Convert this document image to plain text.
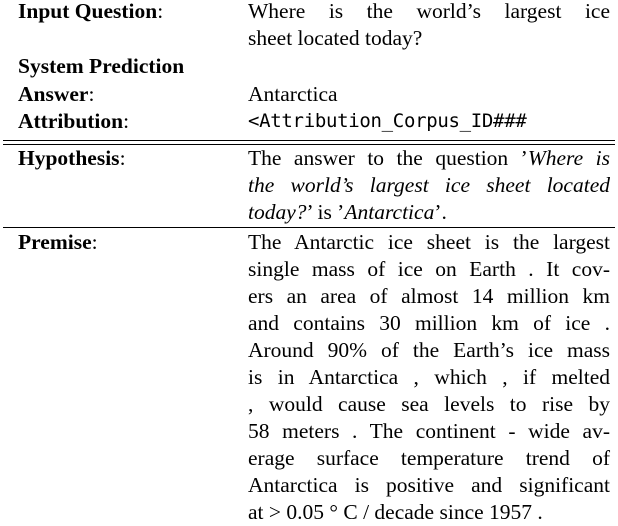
Input Question:	Where is the world’s largest ice
sheet located today?
System Prediction
Answer:	Antarctica
Attribution:	<Attribution_Corpus_ID###
Hypothesis:	The answer to the question ’Where is
the world’s largest ice sheet located
today?’ is ’Antarctica’.
Premise:	The Antarctic ice sheet is the largest
single mass of ice on Earth . It cov-
ers an area of almost 14 million km
and contains 30 million km of ice .
Around 90% of the Earth’s ice mass
is in Antarctica , which , if melted
, would cause sea levels to rise by
58 meters . The continent - wide av-
erage surface temperature trend of
Antarctica is positive and significant
at > 0.05 ° C / decade since 1957 .
